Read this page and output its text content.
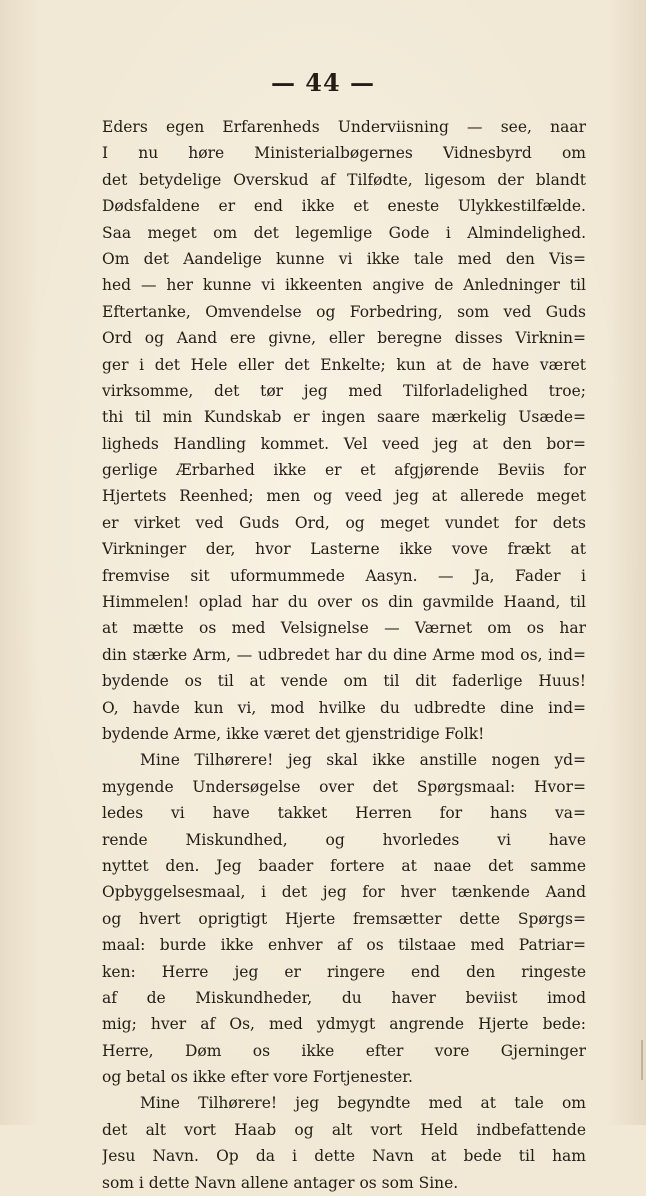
— 44 —
Eders egen Erfarenheds Underviisning — see, naar
I nu høre Ministerialbøgernes Vidnesbyrd om
det betydelige Overskud af Tilfødte, ligesom der blandt
Dødsfaldene er end ikke et eneste Ulykkestilfælde.
Saa meget om det legemlige Gode i Almindelighed.
Om det Aandelige kunne vi ikke tale med den Vis=
hed — her kunne vi ikkeenten angive de Anledninger til
Eftertanke, Omvendelse og Forbedring, som ved Guds
Ord og Aand ere givne, eller beregne disses Virknin=
ger i det Hele eller det Enkelte; kun at de have været
virksomme, det tør jeg med Tilforladelighed troe;
thi til min Kundskab er ingen saare mærkelig Usæde=
ligheds Handling kommet. Vel veed jeg at den bor=
gerlige Ærbarhed ikke er et afgjørende Beviis for
Hjertets Reenhed; men og veed jeg at allerede meget
er virket ved Guds Ord, og meget vundet for dets
Virkninger der, hvor Lasterne ikke vove frækt at
fremvise sit uformummede Aasyn. — Ja, Fader i
Himmelen! oplad har du over os din gavmilde Haand, til
at mætte os med Velsignelse — Værnet om os har
din stærke Arm, — udbredet har du dine Arme mod os, ind=
bydende os til at vende om til dit faderlige Huus!
O, havde kun vi, mod hvilke du udbredte dine ind=
bydende Arme, ikke været det gjenstridige Folk!
Mine Tilhørere! jeg skal ikke anstille nogen yd=
mygende Undersøgelse over det Spørgsmaal: Hvor=
ledes vi have takket Herren for hans va=
rende Miskundhed, og hvorledes vi have
nyttet den. Jeg baader fortere at naae det samme
Opbyggelsesmaal, i det jeg for hver tænkende Aand
og hvert oprigtigt Hjerte fremsætter dette Spørgs=
maal: burde ikke enhver af os tilstaae med Patriar=
ken: Herre jeg er ringere end den ringeste
af de Miskundheder, du haver beviist imod
mig; hver af Os, med ydmygt angrende Hjerte bede:
Herre, Døm os ikke efter vore Gjerninger
og betal os ikke efter vore Fortjenester.
Mine Tilhørere! jeg begyndte med at tale om
det alt vort Haab og alt vort Held indbefattende
Jesu Navn. Op da i dette Navn at bede til ham
som i dette Navn allene antager os som Sine.
